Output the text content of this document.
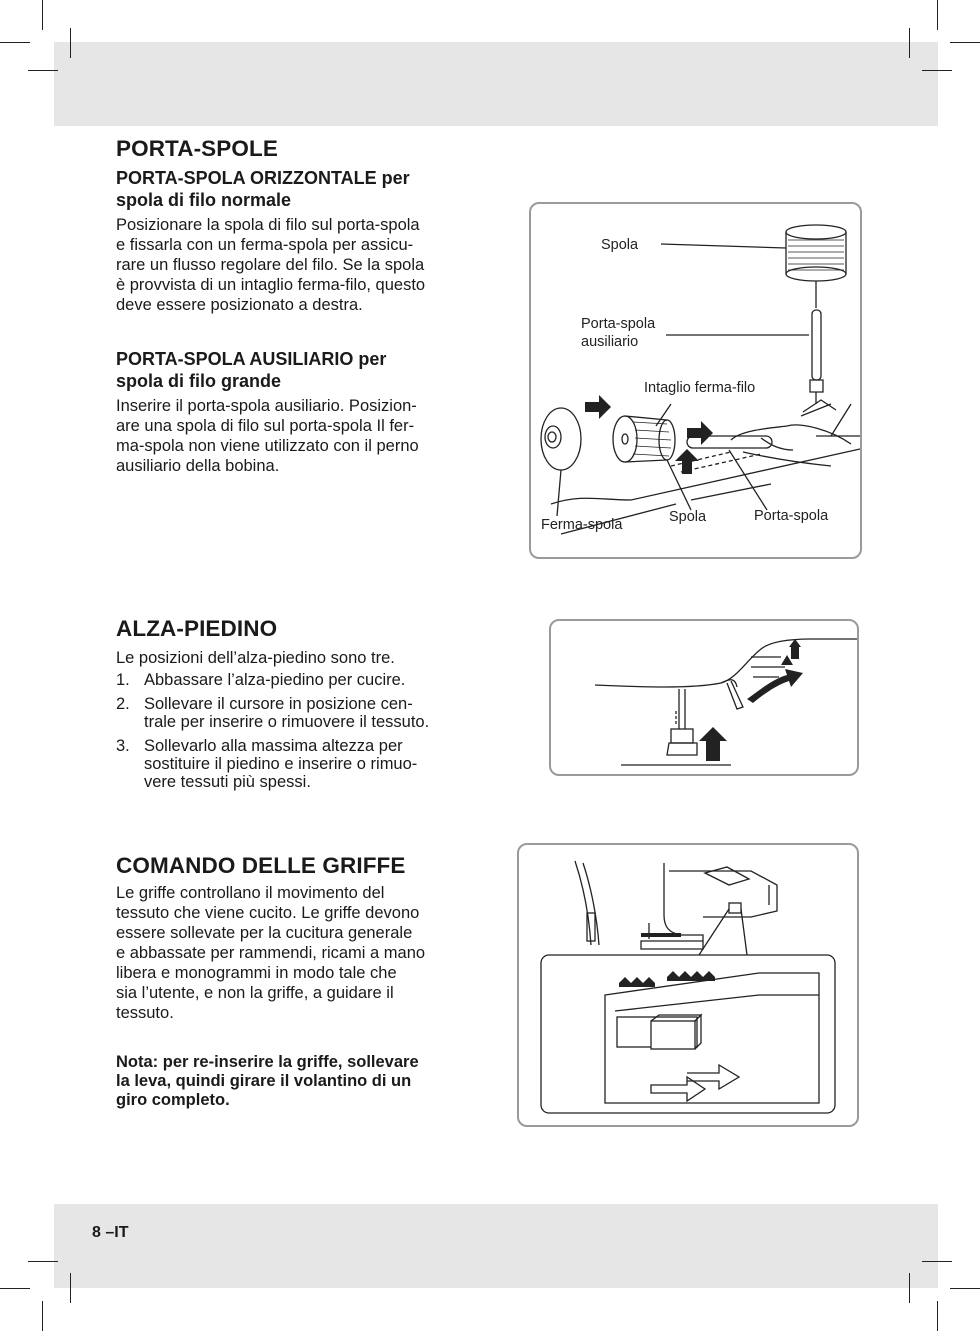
PORTA-SPOLE
PORTA-SPOLA ORIZZONTALE per
spola di filo normale

Posizionare la spola di filo sul porta-spola
e fissarla con un ferma-spola per assicu-
rare un flusso regolare del filo. Se la spola
è provvista di un intaglio ferma-filo, questo
deve essere posizionato a destra.

PORTA-SPOLA AUSILIARIO per
spola di filo grande

Inserire il porta-spola ausiliario. Posizion-
are una spola di filo sul porta-spola Il fer-
ma-spola non viene utilizzato con il perno
ausiliario della bobina.

Spola
Porta-spola
ausiliario
Intaglio ferma-filo
Ferma-spola	Spola	Porta-spola
ALZA-PIEDINO

Le posizioni dell’alza-piedino sono tre.

1. Abbassare l’alza-piedino per cucire.
2. Sollevare il cursore in posizione cen-
trale per inserire o rimuovere il tessuto.
3. Sollevarlo alla massima altezza per
sostituire il piedino e inserire o rimuo-
vere tessuti più spessi.
COMANDO DELLE GRIFFE

Le griffe controllano il movimento del
tessuto che viene cucito. Le griffe devono
essere sollevate per la cucitura generale
e abbassate per rammendi, ricami a mano
libera e monogrammi in modo tale che
sia l’utente, e non la griffe, a guidare il
tessuto.

Nota: per re-inserire la griffe, sollevare
la leva, quindi girare il volantino di un
giro completo.

8 –IT
